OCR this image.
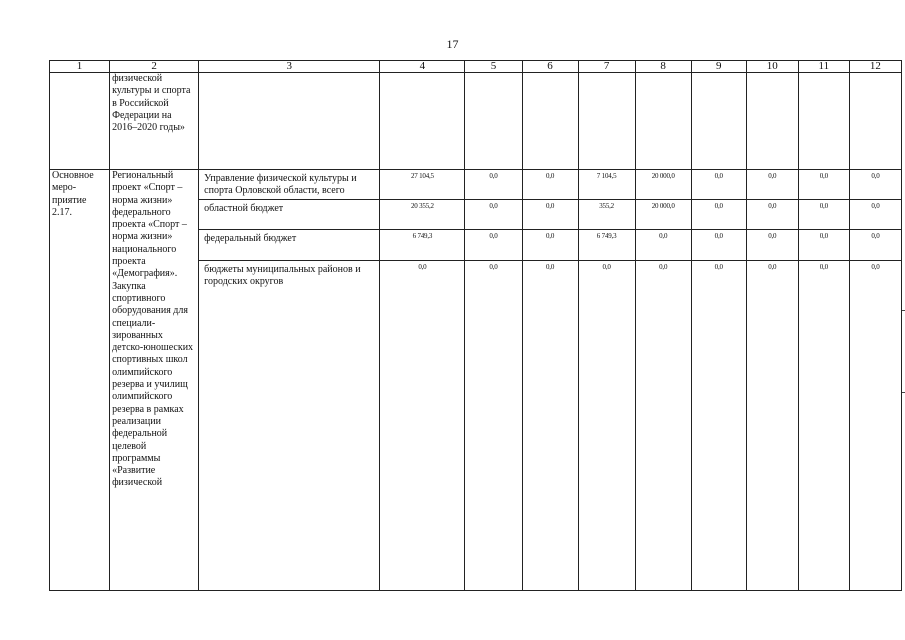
17
1	2	3	4	5	6	7	8	9	10	11	12
	физической культуры и спорта в Российской Федерации на 2016–2020 годы»										
Основное меро-приятие 2.17.	Региональный проект «Спорт – норма жизни» федерального проекта «Спорт – норма жизни» национального проекта «Демография». Закупка спортивного оборудования для специали-зированных детско-юношеских спортивных школ олимпийского резерва и училищ олимпийского резерва в рамках реализации федеральной целевой программы «Развитие физической	Управление физической культуры и спорта Орловской области, всего	27 104,5	0,0	0,0	7 104,5	20 000,0	0,0	0,0	0,0	0,0
		областной бюджет	20 355,2	0,0	0,0	355,2	20 000,0	0,0	0,0	0,0	0,0
		федеральный бюджет	6 749,3	0,0	0,0	6 749,3	0,0	0,0	0,0	0,0	0,0
		бюджеты муниципальных районов и городских округов	0,0	0,0	0,0	0,0	0,0	0,0	0,0	0,0	0,0
